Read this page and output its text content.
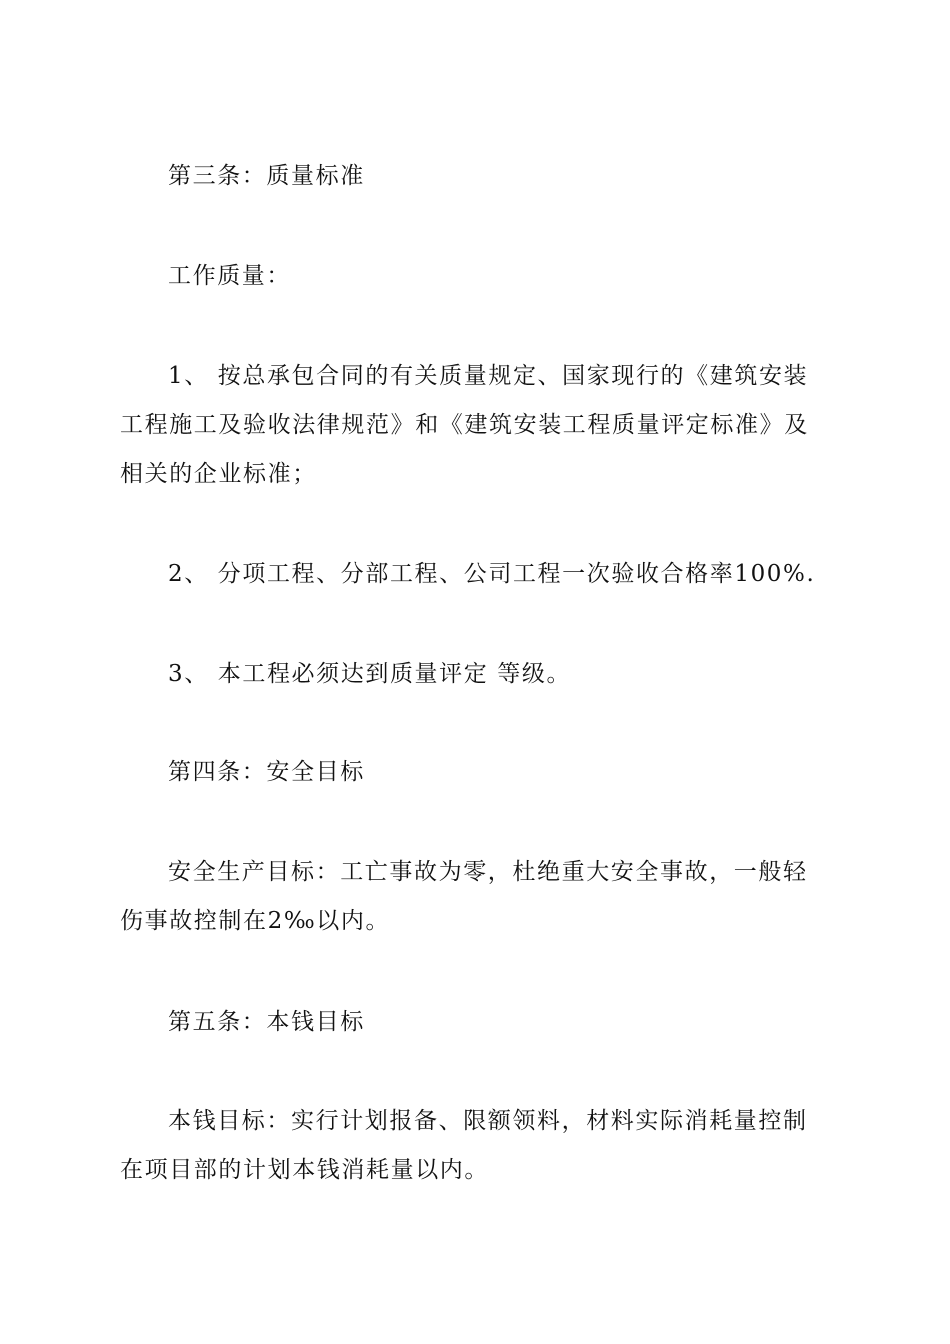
第三条：质量标准

工作质量：

1、 按总承包合同的有关质量规定、国家现行的《建筑安装工程施工及验收法律规范》和《建筑安装工程质量评定标准》及相关的企业标准；

2、 分项工程、分部工程、公司工程一次验收合格率100%.

3、 本工程必须达到质量评定 等级。

第四条：安全目标

安全生产目标：工亡事故为零，杜绝重大安全事故，一般轻伤事故控制在2‰以内。

第五条：本钱目标

本钱目标：实行计划报备、限额领料，材料实际消耗量控制在项目部的计划本钱消耗量以内。
